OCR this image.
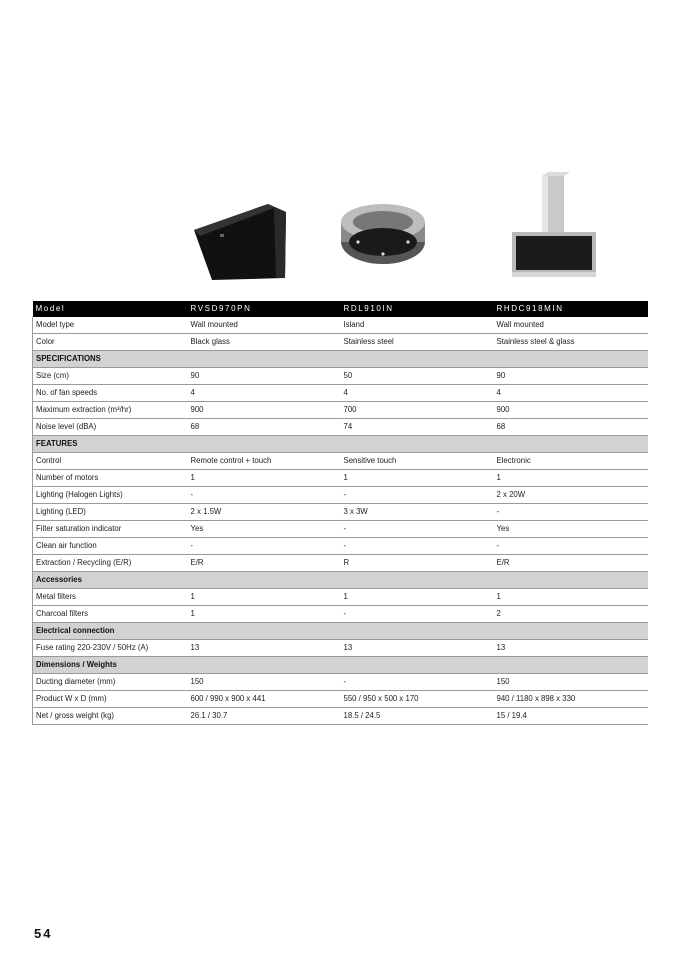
Model	RVSD970PN	RDL910IN	RHDC918MIN
Model type	Wall mounted	Island	Wall mounted
Color	Black glass	Stainless steel	Stainless steel & glass
SPECIFICATIONS			
Size (cm)	90	50	90
No. of fan speeds	4	4	4
Maximum extraction (m³/hr)	900	700	900
Noise level (dBA)	68	74	68
FEATURES			
Control	Remote control + touch	Sensitive touch	Electronic
Number of motors	1	1	1
Lighting (Halogen Lights)	-	-	2 x 20W
Lighting (LED)	2 x 1.5W	3 x 3W	-
Filter saturation indicator	Yes	-	Yes
Clean air function	-	-	-
Extraction / Recycling (E/R)	E/R	R	E/R
Accessories			
Metal filters	1	1	1
Charcoal filters	1	-	2
Electrical connection			
Fuse rating 220-230V / 50Hz (A)	13	13	13
Dimensions / Weights			
Ducting diameter (mm)	150	-	150
Product W x D (mm)	600 / 990 x 900 x 441	550 / 950 x 500 x 170	940 / 1180 x 898 x 330
Net / gross weight (kg)	26.1 / 30.7	18.5 / 24.5	15 / 19.4
54
